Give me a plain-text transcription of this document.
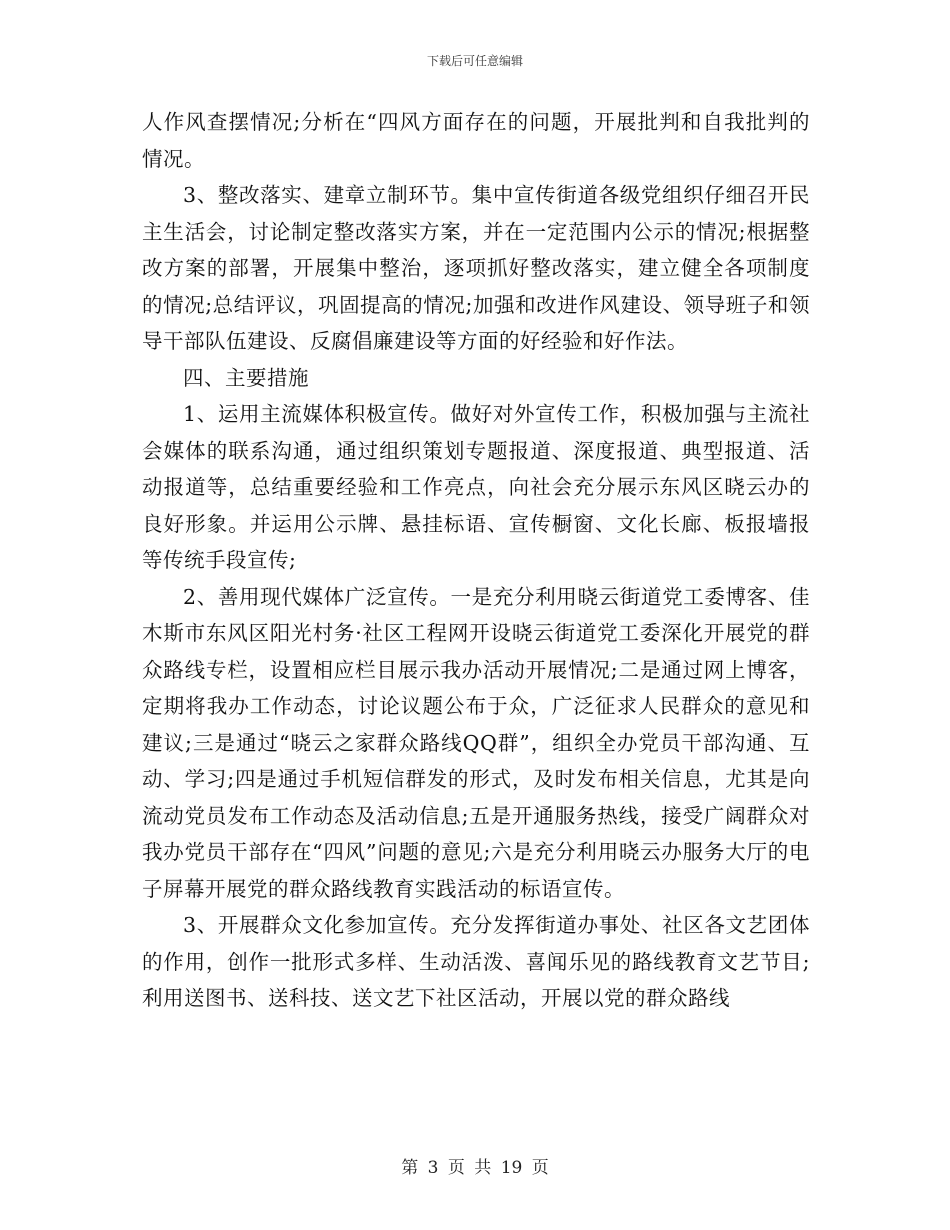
下载后可任意编辑

人作风查摆情况;分析在“四风方面存在的问题，开展批判和自我批判的情况。

3、整改落实、建章立制环节。集中宣传街道各级党组织仔细召开民主生活会，讨论制定整改落实方案，并在一定范围内公示的情况;根据整改方案的部署，开展集中整治，逐项抓好整改落实，建立健全各项制度的情况;总结评议，巩固提高的情况;加强和改进作风建设、领导班子和领导干部队伍建设、反腐倡廉建设等方面的好经验和好作法。

四、主要措施

1、运用主流媒体积极宣传。做好对外宣传工作，积极加强与主流社会媒体的联系沟通，通过组织策划专题报道、深度报道、典型报道、活动报道等，总结重要经验和工作亮点，向社会充分展示东风区晓云办的良好形象。并运用公示牌、悬挂标语、宣传橱窗、文化长廊、板报墙报等传统手段宣传;

2、善用现代媒体广泛宣传。一是充分利用晓云街道党工委博客、佳木斯市东风区阳光村务·社区工程网开设晓云街道党工委深化开展党的群众路线专栏，设置相应栏目展示我办活动开展情况;二是通过网上博客，定期将我办工作动态，讨论议题公布于众，广泛征求人民群众的意见和建议;三是通过“晓云之家群众路线QQ群”，组织全办党员干部沟通、互动、学习;四是通过手机短信群发的形式，及时发布相关信息，尤其是向流动党员发布工作动态及活动信息;五是开通服务热线，接受广阔群众对我办党员干部存在“四风”问题的意见;六是充分利用晓云办服务大厅的电子屏幕开展党的群众路线教育实践活动的标语宣传。

3、开展群众文化参加宣传。充分发挥街道办事处、社区各文艺团体的作用，创作一批形式多样、生动活泼、喜闻乐见的路线教育文艺节目;利用送图书、送科技、送文艺下社区活动，开展以党的群众路线

第 3 页 共 19 页
